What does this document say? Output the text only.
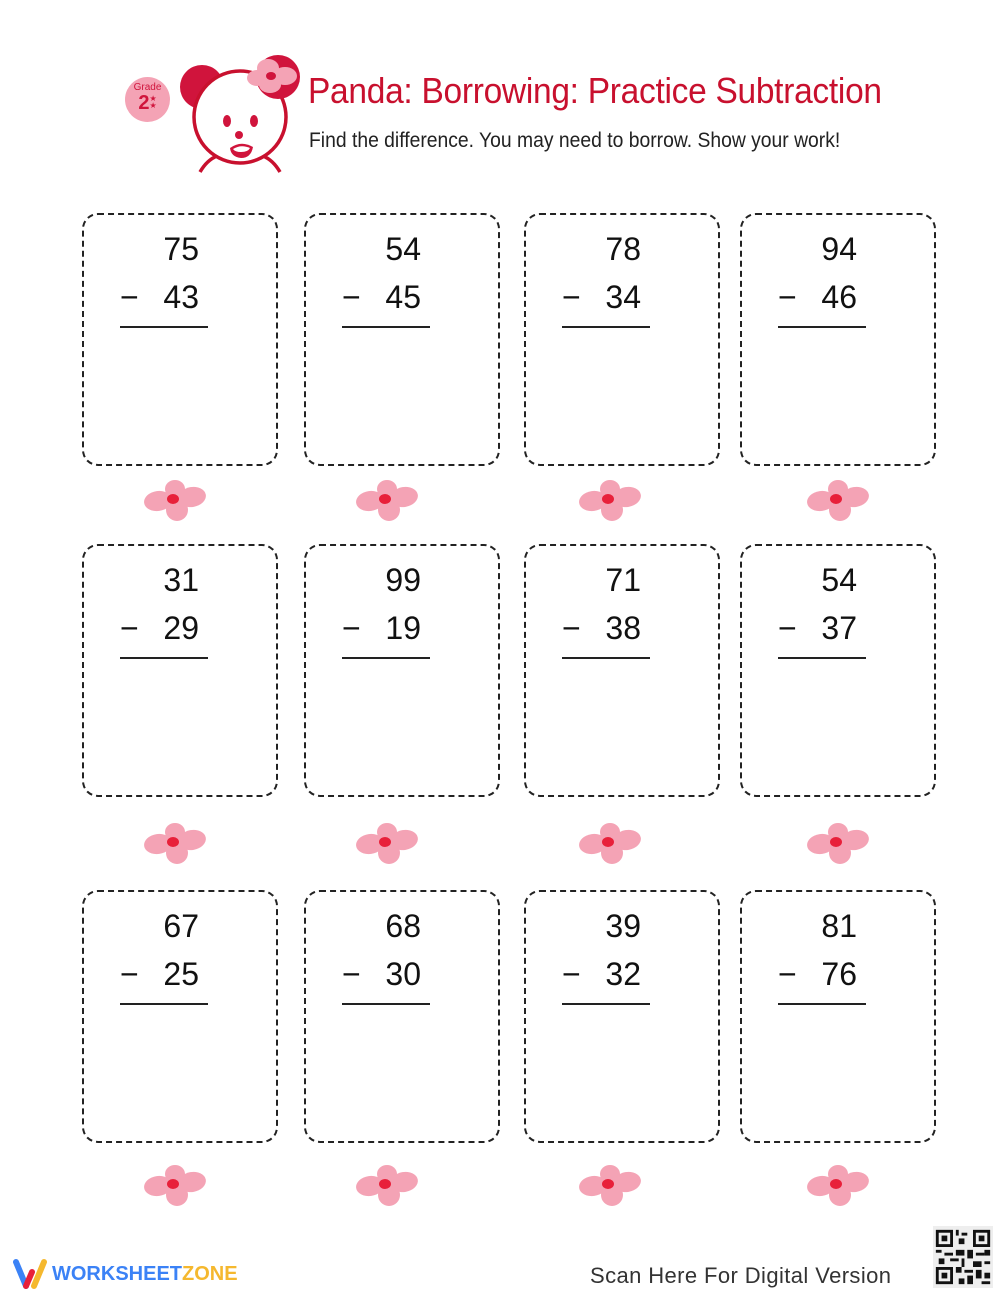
Grade
2★
★	Panda: Borrowing: Practice Subtraction
Find the difference. You may need to borrow. Show your work!
75
− 43
54
− 45
78
− 34
94
− 46
31
− 29
99
− 19
71
− 38
54
− 37
67
− 25
68
− 30
39
− 32
81
− 76
WORKSHEETZONE	Scan Here For Digital Version
